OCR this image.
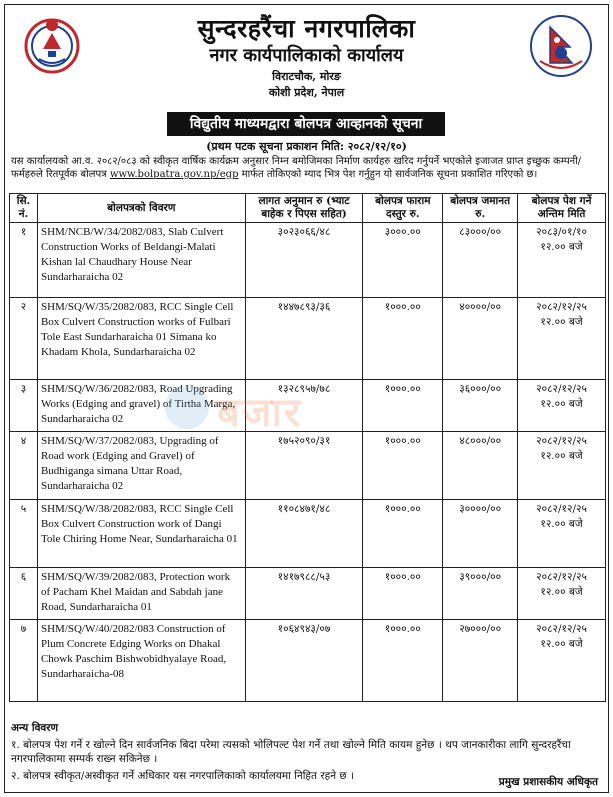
सुन्दरहरैंचा नगरपालिका
नगर कार्यपालिकाको कार्यालय
विराटचौक, मोरङ
कोशी प्रदेश, नेपाल
विद्युतीय माध्यमद्वारा बोलपत्र आव्हानको सूचना
(प्रथम पटक सूचना प्रकाशन मिति: २०८२/१२/१०)
यस कार्यालयको आ.व. २०८२/०८३ को स्वीकृत वार्षिक कार्यक्रम अनुसार निम्न बमोजिमका निर्माण कार्यहरु खरिद गर्नुपर्ने भएकोले इजाजत प्राप्त इच्छुक कम्पनी/फर्महरुले रितपूर्वक बोलपत्र www.bolpatra.gov.np/egp मार्फत तोकिएको म्याद भित्र पेश गर्नुहुन यो सार्वजनिक सूचना प्रकाशित गरिएको छ।
सि. नं.	बोलपत्रको विवरण	लागत अनुमान रु (भ्याट बाहेक र पिएस सहित)	बोलपत्र फाराम दस्तुर रु.	बोलपत्र जमानत रु.	बोलपत्र पेश गर्ने अन्तिम मिति
१	SHM/NCB/W/34/2082/083, Slab Culvert Construction Works of Beldangi-Malati Kishan lal Chaudhary House Near Sundarharaicha 02	३०२३०६६/४८	३०००.००	८३०००/००	२०८३/०१/१०
१२.०० बजे

२	SHM/SQ/W/35/2082/083, RCC Single Cell Box Culvert Construction works of Fulbari Tole East Sundarharaicha 01 Simana ko Khadam Khola, Sundarharaicha 02	१४४७८९३/३६	१०००.००	४००००/००	२०८२/१२/२५
१२.०० बजे

३	SHM/SQ/W/36/2082/083, Road Upgrading Works (Edging and gravel) of Tirtha Marga, Sundarharaicha 02	१३२८९५७/७८	१०००.००	३६०००/००	२०८२/१२/२५
१२.०० बजे

४	SHM/SQ/W/37/2082/083, Upgrading of Road work (Edging and Gravel) of Budhiganga simana Uttar Road, Sundarharaicha 02	१७५२०९०/३१	१०००.००	४८०००/००	२०८२/१२/२५
१२.०० बजे

५	SHM/SQ/W/38/2082/083, RCC Single Cell Box Culvert Construction work of Dangi Tole Chiring Home Near, Sundarharaicha 01	११०८४७१/४८	१०००.००	३००००/००	२०८२/१२/२५
१२.०० बजे

६	SHM/SQ/W/39/2082/083, Protection work of Pacham Khel Maidan and Sabdah jane Road, Sundarharaicha 01	१४१७९८८/५३	१०००.००	३९०००/००	२०८२/१२/२५
१२.०० बजे

७	SHM/SQ/W/40/2082/083 Construction of Plum Concrete Edging Works on Dhakal Chowk Paschim Bishwobidhyalaye Road, Sundarharaicha-08	१०६४९४३/०७	१०००.००	२७०००/००	२०८२/१२/२५
१२.०० बजे
बजार
अन्य विवरण

१. बोलपत्र पेश गर्ने र खोल्ने दिन सार्वजनिक बिदा परेमा त्यसको भोलिपल्ट पेश गर्ने तथा खोल्ने मिति कायम हुनेछ । थप जानकारीका लागि सुन्दरहरैंचा नगरपालिकामा सम्पर्क राख्न सकिनेछ ।

२. बोलपत्र स्वीकृत/अस्वीकृत गर्ने अधिकार यस नगरपालिकाको कार्यालयमा निहित रहने छ ।	प्रमुख प्रशासकीय अधिकृत
